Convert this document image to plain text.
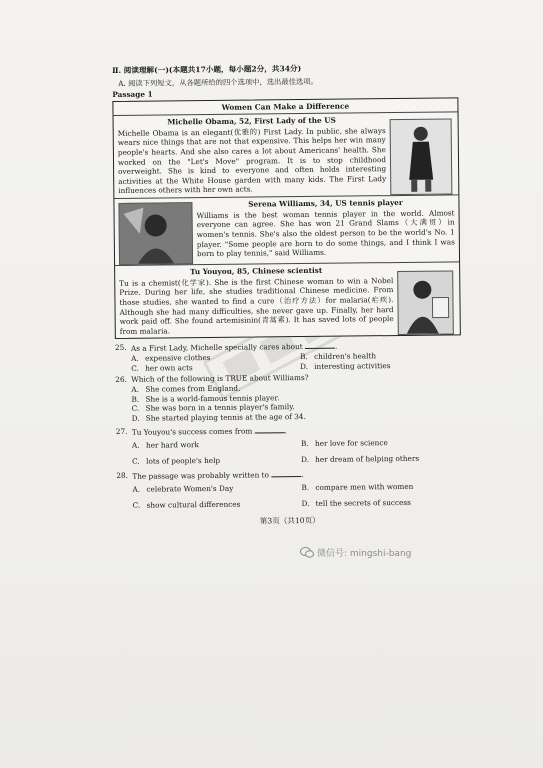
Ⅱ. 阅读理解(一)(本题共17小题，每小题2分，共34分)
A. 阅读下列短文，从各题所给的四个选项中，选出最佳选项。
Passage 1
Women Can Make a Difference
Michelle Obama, 52, First Lady of the US
Michelle Obama is an elegant(优雅的) First Lady. In public, she always wears nice things that are not that expensive. This helps her win many people's hearts. And she also cares a lot about Americans' health. She worked on the "Let's Move" program. It is to stop childhood overweight. She is kind to everyone and often holds interesting activities at the White House garden with many kids. The First Lady influences others with her own acts.
Serena Williams, 34, US tennis player
Williams is the best woman tennis player in the world. Almost everyone can agree. She has won 21 Grand Slams（大满贯）in women's tennis. She's also the oldest person to be the world's No. 1 player. "Some people are born to do some things, and I think I was born to play tennis," said Williams.
Tu Youyou, 85, Chinese scientist
Tu is a chemist(化学家). She is the first Chinese woman to win a Nobel Prize. During her life, she studies traditional Chinese medicine. From those studies, she wanted to find a cure（治疗方法）for malaria(疟疾). Although she had many difficulties, she never gave up. Finally, her hard work paid off. She found artemisinin(青蒿素). It has saved lots of people from malaria.
25. As a First Lady, Michelle specially cares about	.
A. expensive clothes	B. children's health
C. her own acts	D. interesting activities
26. Which of the following is TRUE about Williams?
A. She comes from England.
B. She is a world-famous tennis player.
C. She was born in a tennis player's family.
D. She started playing tennis at the age of 34.
27. Tu Youyou's success comes from	.
A. her hard work	B. her love for science
C. lots of people's help	D. her dream of helping others
28. The passage was probably written to	.
A. celebrate Women's Day	B. compare men with women
C. show cultural differences	D. tell the secrets of success
第3页（共10页）
微信号: mingshi-bang
